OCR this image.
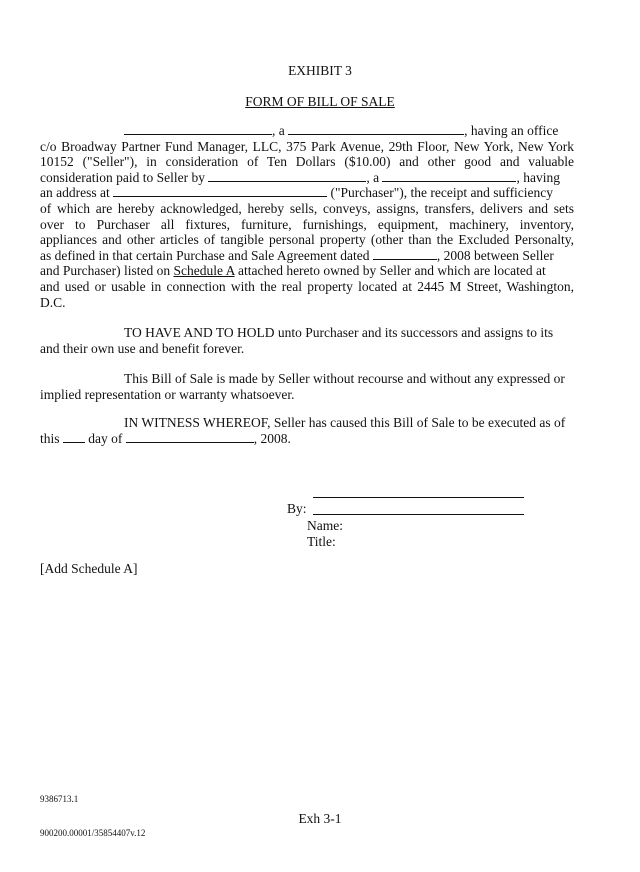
EXHIBIT 3
FORM OF BILL OF SALE
, a	, having an office
c/o Broadway Partner Fund Manager, LLC, 375 Park Avenue, 29th Floor, New York, New York
10152 ("Seller"), in consideration of Ten Dollars ($10.00) and other good and valuable
consideration paid to Seller by	, a	, having
an address at	("Purchaser"), the receipt and sufficiency
of which are hereby acknowledged, hereby sells, conveys, assigns, transfers, delivers and sets
over to Purchaser all fixtures, furniture, furnishings, equipment, machinery, inventory,
appliances and other articles of tangible personal property (other than the Excluded Personalty,
as defined in that certain Purchase and Sale Agreement dated	, 2008 between Seller
and Purchaser) listed on Schedule A attached hereto owned by Seller and which are located at
and used or usable in connection with the real property located at 2445 M Street, Washington,
D.C.
TO HAVE AND TO HOLD unto Purchaser and its successors and assigns to its
and their own use and benefit forever.
This Bill of Sale is made by Seller without recourse and without any expressed or
implied representation or warranty whatsoever.
IN WITNESS WHEREOF, Seller has caused this Bill of Sale to be executed as of
this day of	, 2008.
By:
Name:
Title:
[Add Schedule A]
9386713.1
Exh 3-1
900200.00001/35854407v.12
